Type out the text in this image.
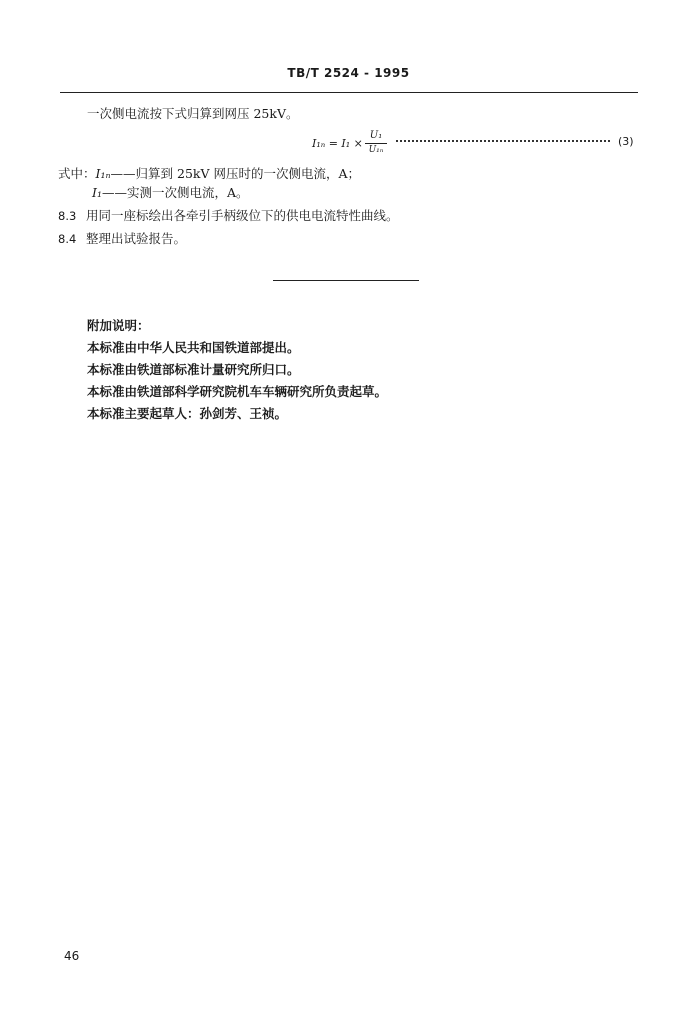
TB/T 2524 - 1995
一次侧电流按下式归算到网压 25kV。
I₁ₙ = I₁ ×
U₁
U₁ₙ
(3)
式中：I₁ₙ——归算到 25kV 网压时的一次侧电流，A；
I₁——实测一次侧电流，A。
8.3 用同一座标绘出各牵引手柄级位下的供电电流特性曲线。
8.4 整理出试验报告。
附加说明：
本标准由中华人民共和国铁道部提出。
本标准由铁道部标准计量研究所归口。
本标准由铁道部科学研究院机车车辆研究所负责起草。
本标准主要起草人：孙剑芳、王祯。
46
